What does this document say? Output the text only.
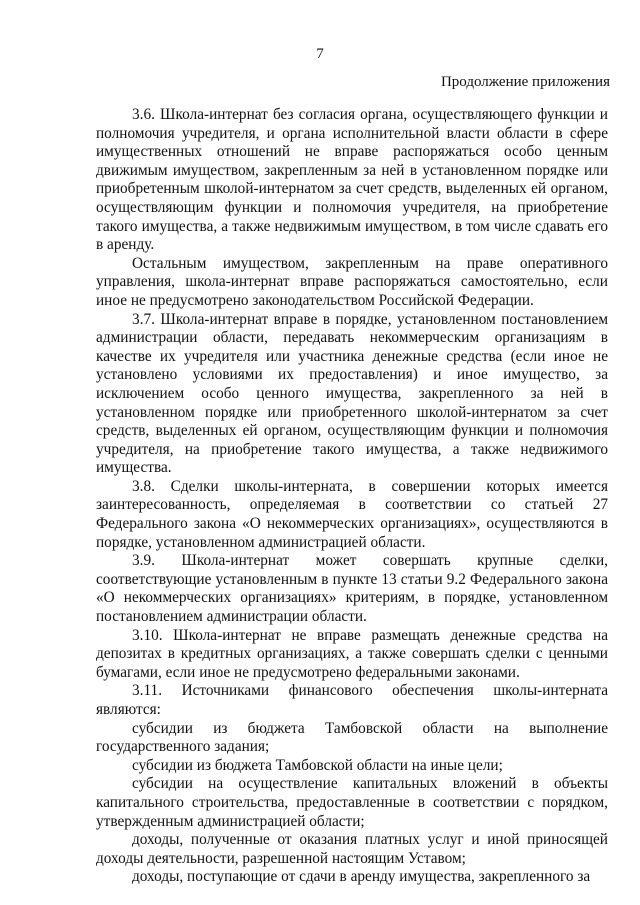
7
Продолжение приложения

3.6. Школа-интернат без согласия органа, осуществляющего функции и полномочия учредителя, и органа исполнительной власти области в сфере имущественных отношений не вправе распоряжаться особо ценным движимым имуществом, закрепленным за ней в установленном порядке или приобретенным школой-интернатом за счет средств, выделенных ей органом, осуществляющим функции и полномочия учредителя, на приобретение такого имущества, а также недвижимым имуществом, в том числе сдавать его в аренду.

Остальным имуществом, закрепленным на праве оперативного управления, школа-интернат вправе распоряжаться самостоятельно, если иное не предусмотрено законодательством Российской Федерации.

3.7. Школа-интернат вправе в порядке, установленном постановлением администрации области, передавать некоммерческим организациям в качестве их учредителя или участника денежные средства (если иное не установлено условиями их предоставления) и иное имущество, за исключением особо ценного имущества, закрепленного за ней в установленном порядке или приобретенного школой-интернатом за счет средств, выделенных ей органом, осуществляющим функции и полномочия учредителя, на приобретение такого имущества, а также недвижимого имущества.

3.8. Сделки школы-интерната, в совершении которых имеется заинтересованность, определяемая в соответствии со статьей 27 Федерального закона «О некоммерческих организациях», осуществляются в порядке, установленном администрацией области.

3.9. Школа-интернат может совершать крупные сделки, соответствующие установленным в пункте 13 статьи 9.2 Федерального закона «О некоммерческих организациях» критериям, в порядке, установленном постановлением администрации области.

3.10. Школа-интернат не вправе размещать денежные средства на депозитах в кредитных организациях, а также совершать сделки с ценными бумагами, если иное не предусмотрено федеральными законами.

3.11. Источниками финансового обеспечения школы-интерната являются:

субсидии из бюджета Тамбовской области на выполнение государственного задания;

субсидии из бюджета Тамбовской области на иные цели;

субсидии на осуществление капитальных вложений в объекты капитального строительства, предоставленные в соответствии с порядком, утвержденным администрацией области;

доходы, полученные от оказания платных услуг и иной приносящей доходы деятельности, разрешенной настоящим Уставом;

доходы, поступающие от сдачи в аренду имущества, закрепленного за
